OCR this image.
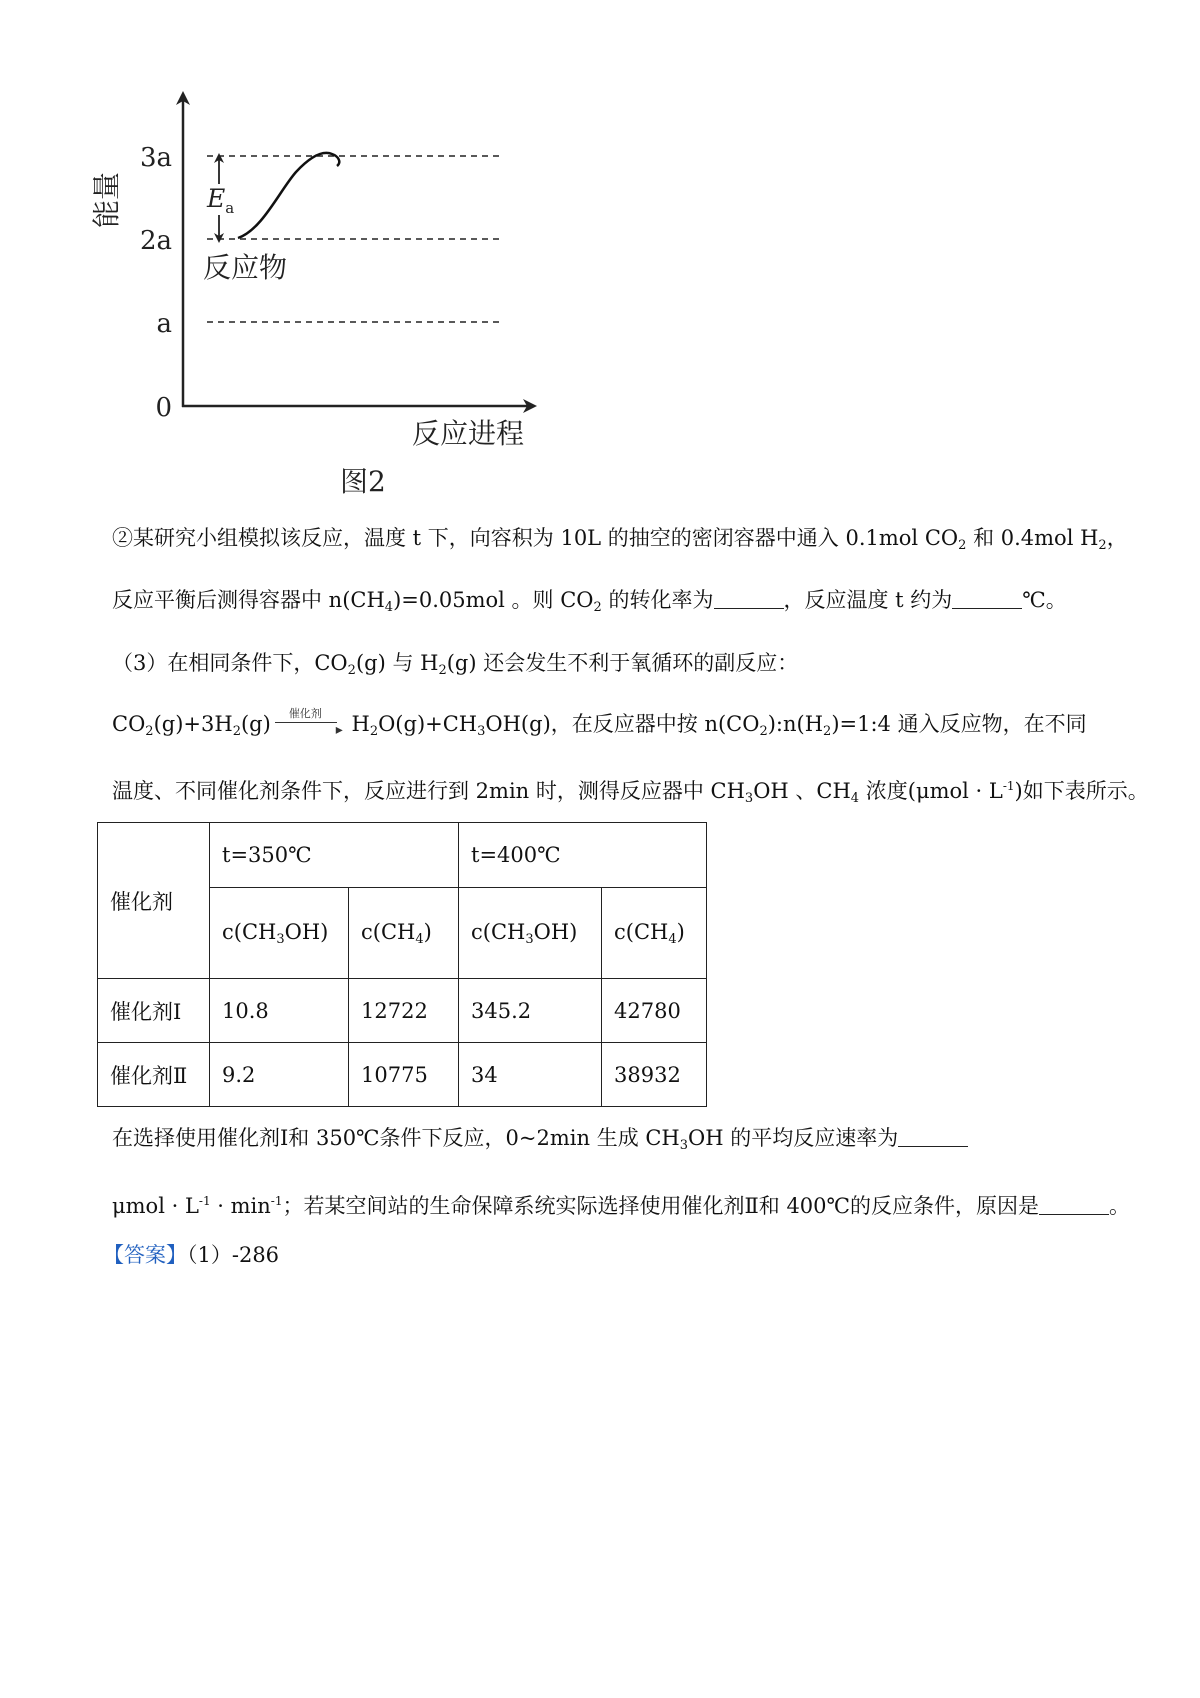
3a
2a
a
0
能量	$E_a$
反应物
反应进程
图2
②某研究小组模拟该反应，温度 t 下，向容积为 10L 的抽空的密闭容器中通入 0.1mol $CO_2$ 和 0.4mol $H_2$，
反应平衡后测得容器中 $n(CH_4)=0.05mol$ 。则 $CO_2$ 的转化率为	，反应温度 t 约为	℃。
（3）在相同条件下，$CO_2(g)$ 与 $H_2(g)$ 还会发生不利于氧循环的副反应：
$CO_2(g)+3H_2(g)$ 催化剂
▸ $H_2O(g)+CH_3OH(g)$，在反应器中按 $n(CO_2):n(H_2)=1:4$ 通入反应物，在不同
温度、不同催化剂条件下，反应进行到 2min 时，测得反应器中 $CH_3OH$ 、$CH_4$ 浓度$(\mu mol \cdot L^{-1})$如下表所示。
催化剂	t=350℃		t=400℃	
	$c(CH_3OH)$	$c(CH_4)$	$c(CH_3OH)$	$c(CH_4)$
催化剂Ⅰ	10.8	12722	345.2	42780
催化剂Ⅱ	9.2	10775	34	38932
在选择使用催化剂Ⅰ和 350℃条件下反应，0~2min 生成 $CH_3OH$ 的平均反应速率为
$\mu mol \cdot L^{-1} \cdot \min^{-1}$；若某空间站的生命保障系统实际选择使用催化剂Ⅱ和 400℃的反应条件，原因是	。
【答案】（1）-286
